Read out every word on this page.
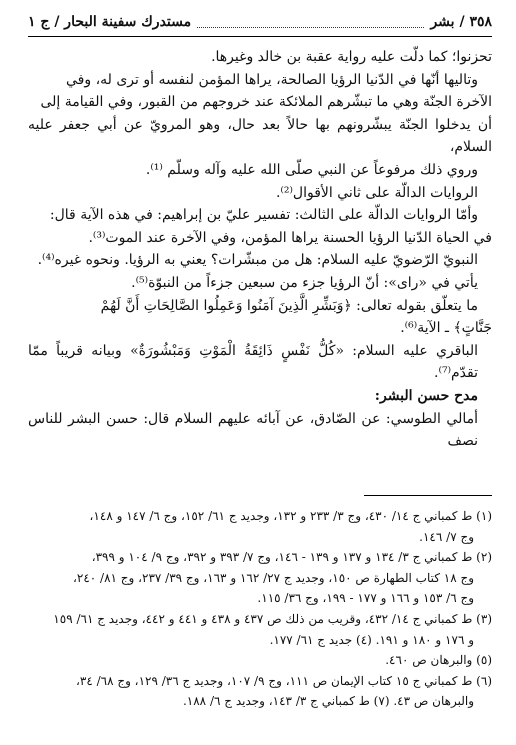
٣٥٨ / بشر
مستدرك سفينة البحار / ج ١

تحزنوا؛ كما دلّت عليه رواية عقبة بن خالد وغيرها.

وتاليها أنّها في الدّنيا الرؤيا الصالحة، يراها المؤمن لنفسه أو ترى له، وفي

الآخرة الجنّة وهي ما تبشّرهم الملائكة عند خروجهم من القبور، وفي القيامة إلى

أن يدخلوا الجنّة يبشّرونهم بها حالاً بعد حال، وهو المرويّ عن أبي جعفر عليه السلام،

وروي ذلك مرفوعاً عن النبي صلّى الله عليه وآله وسلّم ⁽¹⁾.

الروايات الدالّة على ثاني الأقوال⁽²⁾.

وأمّا الروايات الدالّة على الثالث: تفسير عليّ بن إبراهيم: في هذه الآية قال:

في الحياة الدّنيا الرؤيا الحسنة يراها المؤمن، وفي الآخرة عند الموت⁽³⁾.

النبويّ الرّضويّ عليه السلام: هل من مبشّرات؟ يعني به الرؤيا. ونحوه غيره⁽⁴⁾.

يأتي في «راى»: أنّ الرؤيا جزء من سبعين جزءاً من النبوّة⁽⁵⁾.

ما يتعلّق بقوله تعالى: ﴿وَبَشِّرِ الَّذِينَ آمَنُوا وَعَمِلُوا الصَّالِحَاتِ أَنَّ لَهُمْ

جَنَّاتٍ﴾ ـ الآية⁽⁶⁾.

الباقري عليه السلام: «كُلُّ نَفْسٍ ذَائِقَةُ الْمَوْتِ وَمَبْشُورَةٌ» وبيانه قريباً ممّا تقدّم⁽⁷⁾.

مدح حسن البشر:

أمالي الطوسي: عن الصّادق، عن آبائه عليهم السلام قال: حسن البشر للناس نصف

(١) ط كمباني ج ١٤/ ٤٣٠، وج ٣/ ٢٣٣ و ١٣٢، وجديد ج ٦١/ ١٥٢، وج ٦/ ١٤٧ و ١٤٨،

وج ٧/ ١٤٦.

(٢) ط كمباني ج ٣/ ١٣٤ و ١٣٧ و ١٣٩ - ١٤٦، وج ٧/ ٣٩٣ و ٣٩٢، وج ٩/ ١٠٤ و ٣٩٩،

وج ١٨ كتاب الطهارة ص ١٥٠، وجديد ج ٢٧/ ١٦٢ و ١٦٣، وج ٣٩/ ٢٣٧، وج ٨١/ ٢٤٠،

وج ٦/ ١٥٣ و ١٦٦ و ١٧٧ - ١٩٩، وج ٣٦/ ١١٥.

(٣) ط كمباني ج ١٤/ ٤٣٢، وقريب من ذلك ص ٤٣٧ و ٤٣٨ و ٤٤١ و ٤٤٢، وجديد ج ٦١/ ١٥٩

و ١٧٦ و ١٨٠ و ١٩١. (٤) جديد ج ٦١/ ١٧٧.

(٥) والبرهان ص ٤٦٠.

(٦) ط كمباني ج ١٥ كتاب الإيمان ص ١١١، وج ٩/ ١٠٧، وجديد ج ٣٦/ ١٢٩، وج ٦٨/ ٣٤،

والبرهان ص ٤٣. (٧) ط كمباني ج ٣/ ١٤٣، وجديد ج ٦/ ١٨٨.
